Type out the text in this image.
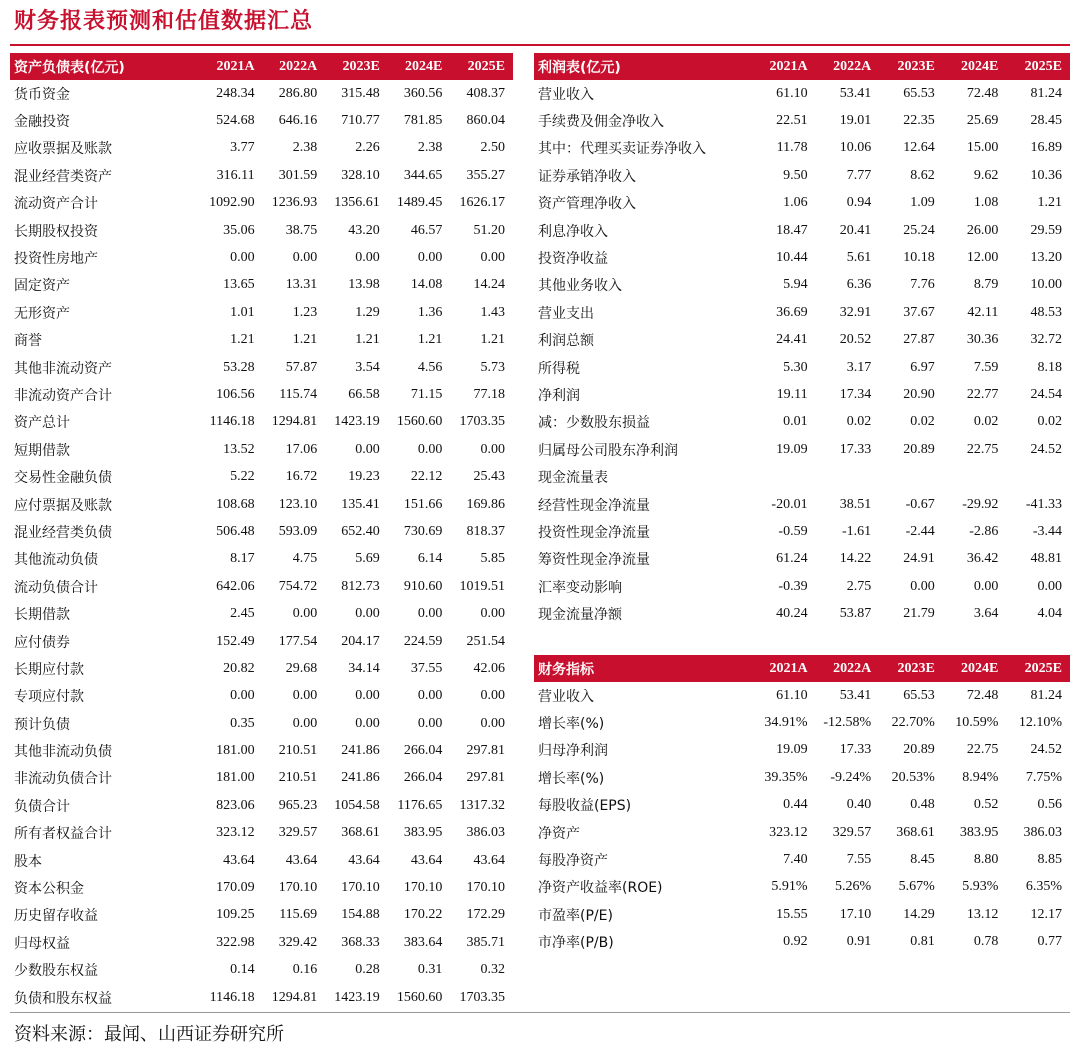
财务报表预测和估值数据汇总
资产负债表(亿元)	2021A	2022A	2023E	2024E	2025E
货币资金	248.34	286.80	315.48	360.56	408.37
金融投资	524.68	646.16	710.77	781.85	860.04
应收票据及账款	3.77	2.38	2.26	2.38	2.50
混业经营类资产	316.11	301.59	328.10	344.65	355.27
流动资产合计	1092.90	1236.93	1356.61	1489.45	1626.17
长期股权投资	35.06	38.75	43.20	46.57	51.20
投资性房地产	0.00	0.00	0.00	0.00	0.00
固定资产	13.65	13.31	13.98	14.08	14.24
无形资产	1.01	1.23	1.29	1.36	1.43
商誉	1.21	1.21	1.21	1.21	1.21
其他非流动资产	53.28	57.87	3.54	4.56	5.73
非流动资产合计	106.56	115.74	66.58	71.15	77.18
资产总计	1146.18	1294.81	1423.19	1560.60	1703.35
短期借款	13.52	17.06	0.00	0.00	0.00
交易性金融负债	5.22	16.72	19.23	22.12	25.43
应付票据及账款	108.68	123.10	135.41	151.66	169.86
混业经营类负债	506.48	593.09	652.40	730.69	818.37
其他流动负债	8.17	4.75	5.69	6.14	5.85
流动负债合计	642.06	754.72	812.73	910.60	1019.51
长期借款	2.45	0.00	0.00	0.00	0.00
应付债券	152.49	177.54	204.17	224.59	251.54
长期应付款	20.82	29.68	34.14	37.55	42.06
专项应付款	0.00	0.00	0.00	0.00	0.00
预计负债	0.35	0.00	0.00	0.00	0.00
其他非流动负债	181.00	210.51	241.86	266.04	297.81
非流动负债合计	181.00	210.51	241.86	266.04	297.81
负债合计	823.06	965.23	1054.58	1176.65	1317.32
所有者权益合计	323.12	329.57	368.61	383.95	386.03
股本	43.64	43.64	43.64	43.64	43.64
资本公积金	170.09	170.10	170.10	170.10	170.10
历史留存收益	109.25	115.69	154.88	170.22	172.29
归母权益	322.98	329.42	368.33	383.64	385.71
少数股东权益	0.14	0.16	0.28	0.31	0.32
负债和股东权益	1146.18	1294.81	1423.19	1560.60	1703.35
利润表(亿元)	2021A	2022A	2023E	2024E	2025E
营业收入	61.10	53.41	65.53	72.48	81.24
手续费及佣金净收入	22.51	19.01	22.35	25.69	28.45
其中：代理买卖证券净收入	11.78	10.06	12.64	15.00	16.89
证券承销净收入	9.50	7.77	8.62	9.62	10.36
资产管理净收入	1.06	0.94	1.09	1.08	1.21
利息净收入	18.47	20.41	25.24	26.00	29.59
投资净收益	10.44	5.61	10.18	12.00	13.20
其他业务收入	5.94	6.36	7.76	8.79	10.00
营业支出	36.69	32.91	37.67	42.11	48.53
利润总额	24.41	20.52	27.87	30.36	32.72
所得税	5.30	3.17	6.97	7.59	8.18
净利润	19.11	17.34	20.90	22.77	24.54
减：少数股东损益	0.01	0.02	0.02	0.02	0.02
归属母公司股东净利润	19.09	17.33	20.89	22.75	24.52
现金流量表					
经营性现金净流量	-20.01	38.51	-0.67	-29.92	-41.33
投资性现金净流量	-0.59	-1.61	-2.44	-2.86	-3.44
筹资性现金净流量	61.24	14.22	24.91	36.42	48.81
汇率变动影响	-0.39	2.75	0.00	0.00	0.00
现金流量净额	40.24	53.87	21.79	3.64	4.04
财务指标	2021A	2022A	2023E	2024E	2025E
营业收入	61.10	53.41	65.53	72.48	81.24
增长率(%)	34.91%	-12.58%	22.70%	10.59%	12.10%
归母净利润	19.09	17.33	20.89	22.75	24.52
增长率(%)	39.35%	-9.24%	20.53%	8.94%	7.75%
每股收益(EPS)	0.44	0.40	0.48	0.52	0.56
净资产	323.12	329.57	368.61	383.95	386.03
每股净资产	7.40	7.55	8.45	8.80	8.85
净资产收益率(ROE)	5.91%	5.26%	5.67%	5.93%	6.35%
市盈率(P/E)	15.55	17.10	14.29	13.12	12.17
市净率(P/B)	0.92	0.91	0.81	0.78	0.77
资料来源：最闻、山西证券研究所
